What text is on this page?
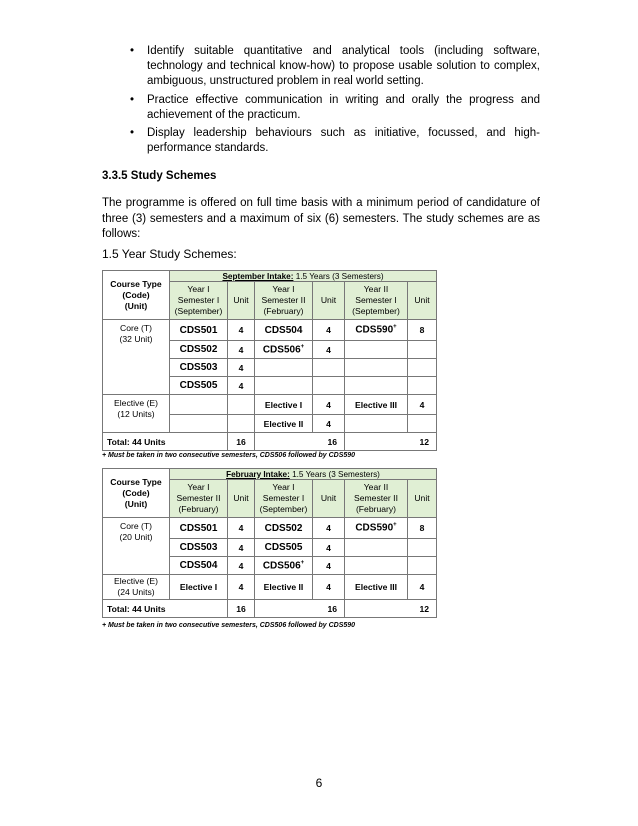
• Identify suitable quantitative and analytical tools (including software, technology and technical know-how) to propose usable solution to complex, ambiguous, unstructured problem in real world setting.
• Practice effective communication in writing and orally the progress and achievement of the practicum.
• Display leadership behaviours such as initiative, focussed, and high-performance standards.
3.3.5 Study Schemes

The programme is offered on full time basis with a minimum period of candidature of three (3) semesters and a maximum of six (6) semesters. The study schemes are as follows:

1.5 Year Study Schemes:
Course Type
(Code)
(Unit)	September Intake: 1.5 Years (3 Semesters)					
	Year I
Semester I
(September)	Unit	Year I
Semester II
(February)	Unit	Year II
Semester I
(September)	Unit
Core (T)
(32 Unit)	CDS501	4	CDS504	4	CDS590+	8
	CDS502	4	CDS506+	4		
	CDS503	4				
	CDS505	4				
Elective (E)
(12 Units)			Elective I	4	Elective III	4
			Elective II	4		
Total: 44 Units		16	16		12	
+ Must be taken in two consecutive semesters, CDS506 followed by CDS590
Course Type
(Code)
(Unit)	February Intake: 1.5 Years (3 Semesters)					
	Year I
Semester II
(February)	Unit	Year I
Semester I
(September)	Unit	Year II
Semester II
(February)	Unit
Core (T)
(20 Unit)	CDS501	4	CDS502	4	CDS590+	8
	CDS503	4	CDS505	4		
	CDS504	4	CDS506+	4		
Elective (E)
(24 Units)	Elective I	4	Elective II	4	Elective III	4
Total: 44 Units		16	16		12	
+ Must be taken in two consecutive semesters, CDS506 followed by CDS590
6
